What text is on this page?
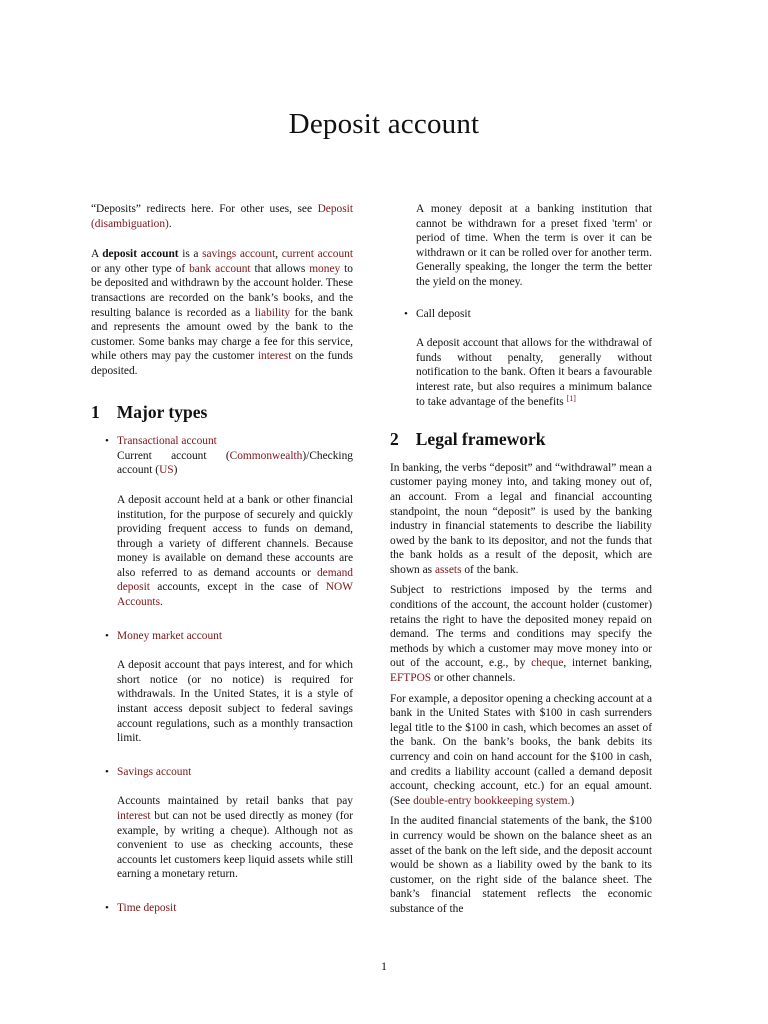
Deposit account

“Deposits” redirects here. For other uses, see Deposit (disambiguation).

A deposit account is a savings account, current account or any other type of bank account that allows money to be deposited and withdrawn by the account holder. These transactions are recorded on the bank’s books, and the resulting balance is recorded as a liability for the bank and represents the amount owed by the bank to the customer. Some banks may charge a fee for this service, while others may pay the customer interest on the funds deposited.

1 Major types
• Transactional account
Current account (Commonwealth)/Checking account (US)

A deposit account held at a bank or other financial institution, for the purpose of securely and quickly providing frequent access to funds on demand, through a variety of different channels. Because money is available on demand these accounts are also referred to as demand accounts or demand deposit accounts, except in the case of NOW Accounts.

• Money market account

A deposit account that pays interest, and for which short notice (or no notice) is required for withdrawals. In the United States, it is a style of instant access deposit subject to federal savings account regulations, such as a monthly transaction limit.

• Savings account

Accounts maintained by retail banks that pay interest but can not be used directly as money (for example, by writing a cheque). Although not as convenient to use as checking accounts, these accounts let customers keep liquid assets while still earning a monetary return.

• Time deposit

A money deposit at a banking institution that cannot be withdrawn for a preset fixed 'term' or period of time. When the term is over it can be withdrawn or it can be rolled over for another term. Generally speaking, the longer the term the better the yield on the money.

• Call deposit

A deposit account that allows for the withdrawal of funds without penalty, generally without notification to the bank. Often it bears a favourable interest rate, but also requires a minimum balance to take advantage of the benefits [1]

2 Legal framework

In banking, the verbs “deposit” and “withdrawal” mean a customer paying money into, and taking money out of, an account. From a legal and financial accounting standpoint, the noun “deposit” is used by the banking industry in financial statements to describe the liability owed by the bank to its depositor, and not the funds that the bank holds as a result of the deposit, which are shown as assets of the bank.

Subject to restrictions imposed by the terms and conditions of the account, the account holder (customer) retains the right to have the deposited money repaid on demand. The terms and conditions may specify the methods by which a customer may move money into or out of the account, e.g., by cheque, internet banking, EFTPOS or other channels.

For example, a depositor opening a checking account at a bank in the United States with $100 in cash surrenders legal title to the $100 in cash, which becomes an asset of the bank. On the bank’s books, the bank debits its currency and coin on hand account for the $100 in cash, and credits a liability account (called a demand deposit account, checking account, etc.) for an equal amount. (See double-entry bookkeeping system.)

In the audited financial statements of the bank, the $100 in currency would be shown on the balance sheet as an asset of the bank on the left side, and the deposit account would be shown as a liability owed by the bank to its customer, on the right side of the balance sheet. The bank’s financial statement reflects the economic substance of the

1
